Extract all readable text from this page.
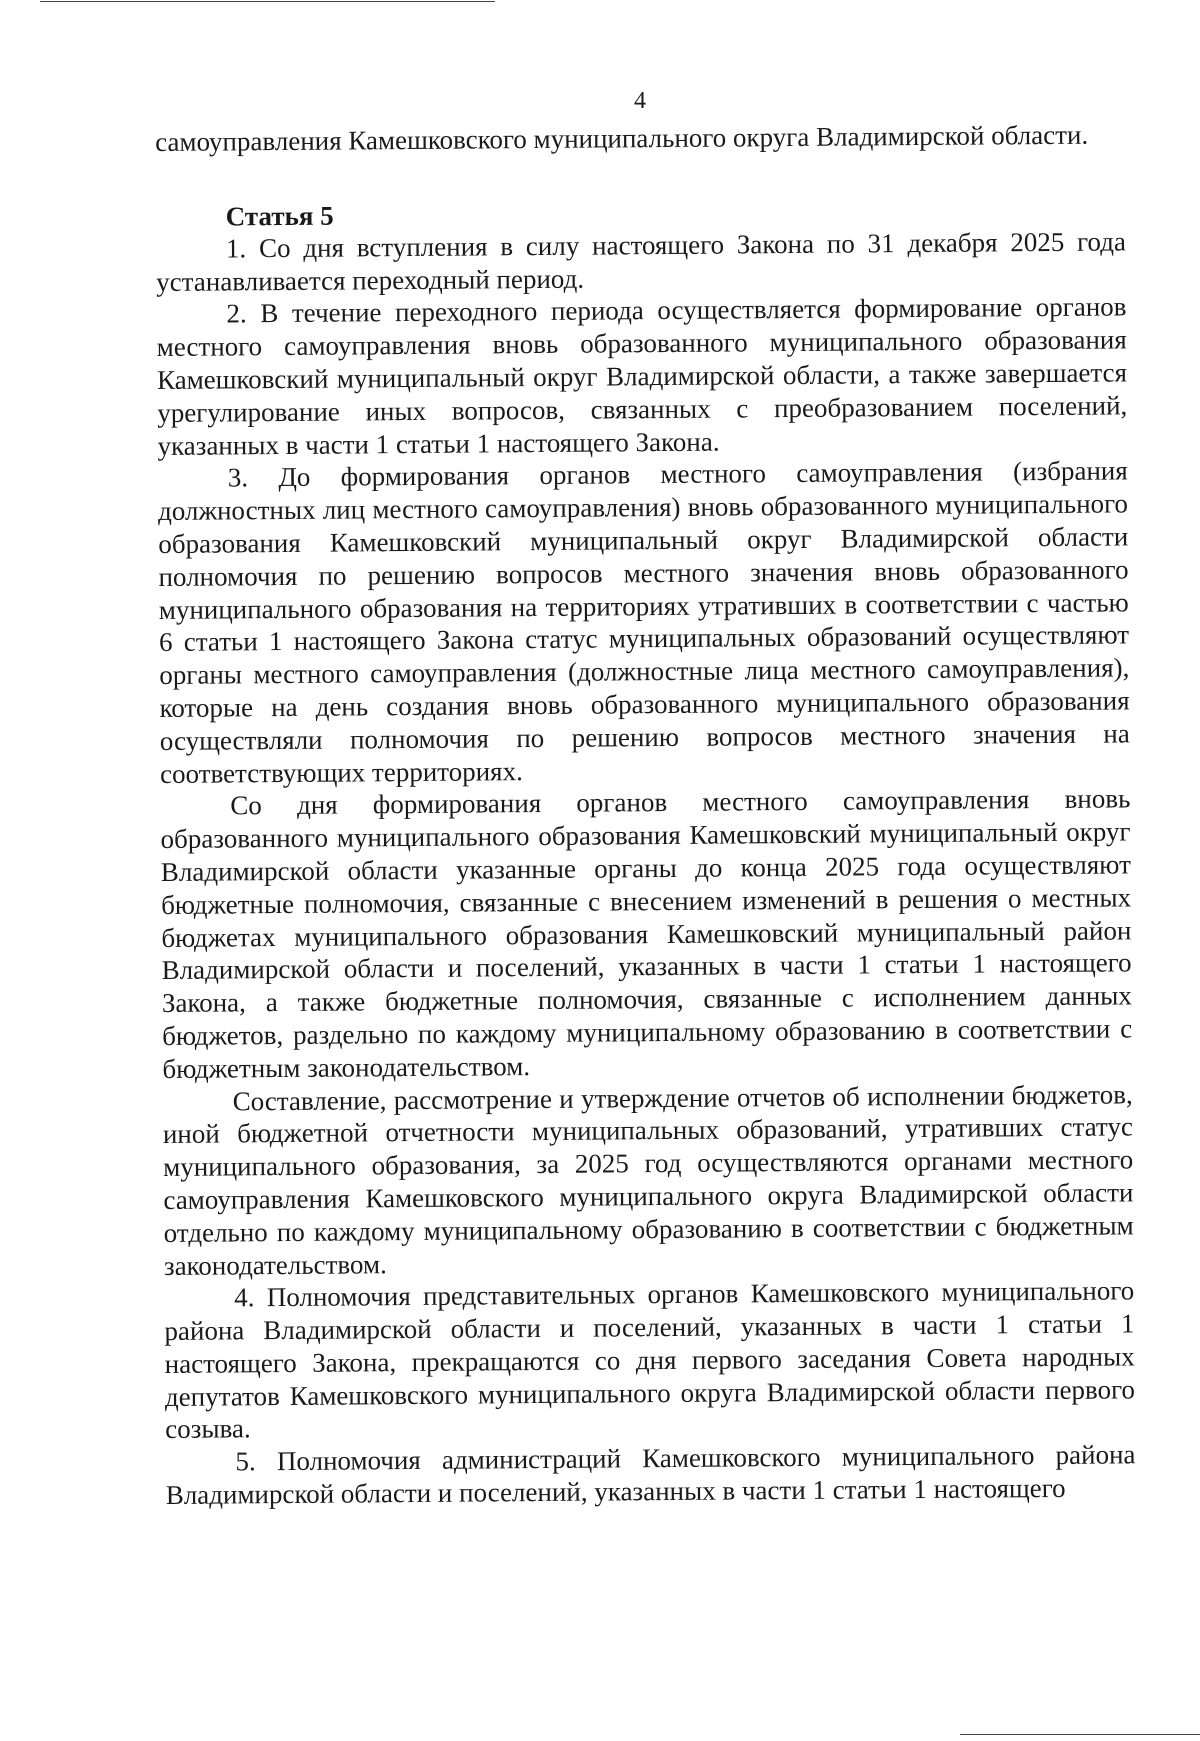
4

самоуправления Камешковского муниципального округа Владимирской области.

Статья 5

1. Со дня вступления в силу настоящего Закона по 31 декабря 2025 года устанавливается переходный период.

2. В течение переходного периода осуществляется формирование органов местного самоуправления вновь образованного муниципального образования Камешковский муниципальный округ Владимирской области, а также завершается урегулирование иных вопросов, связанных с преобразованием поселений, указанных в части 1 статьи 1 настоящего Закона.

3. До формирования органов местного самоуправления (избрания должностных лиц местного самоуправления) вновь образованного муниципального образования Камешковский муниципальный округ Владимирской области полномочия по решению вопросов местного значения вновь образованного муниципального образования на территориях утративших в соответствии с частью 6 статьи 1 настоящего Закона статус муниципальных образований осуществляют органы местного самоуправления (должностные лица местного самоуправления), которые на день создания вновь образованного муниципального образования осуществляли полномочия по решению вопросов местного значения на соответствующих территориях.

Со дня формирования органов местного самоуправления вновь образованного муниципального образования Камешковский муниципальный округ Владимирской области указанные органы до конца 2025 года осуществляют бюджетные полномочия, связанные с внесением изменений в решения о местных бюджетах муниципального образования Камешковский муниципальный район Владимирской области и поселений, указанных в части 1 статьи 1 настоящего Закона, а также бюджетные полномочия, связанные с исполнением данных бюджетов, раздельно по каждому муниципальному образованию в соответствии с бюджетным законодательством.

Составление, рассмотрение и утверждение отчетов об исполнении бюджетов, иной бюджетной отчетности муниципальных образований, утративших статус муниципального образования, за 2025 год осуществляются органами местного самоуправления Камешковского муниципального округа Владимирской области отдельно по каждому муниципальному образованию в соответствии с бюджетным законодательством.

4. Полномочия представительных органов Камешковского муниципального района Владимирской области и поселений, указанных в части 1 статьи 1 настоящего Закона, прекращаются со дня первого заседания Совета народных депутатов Камешковского муниципального округа Владимирской области первого созыва.

5. Полномочия администраций Камешковского муниципального района Владимирской области и поселений, указанных в части 1 статьи 1 настоящего
